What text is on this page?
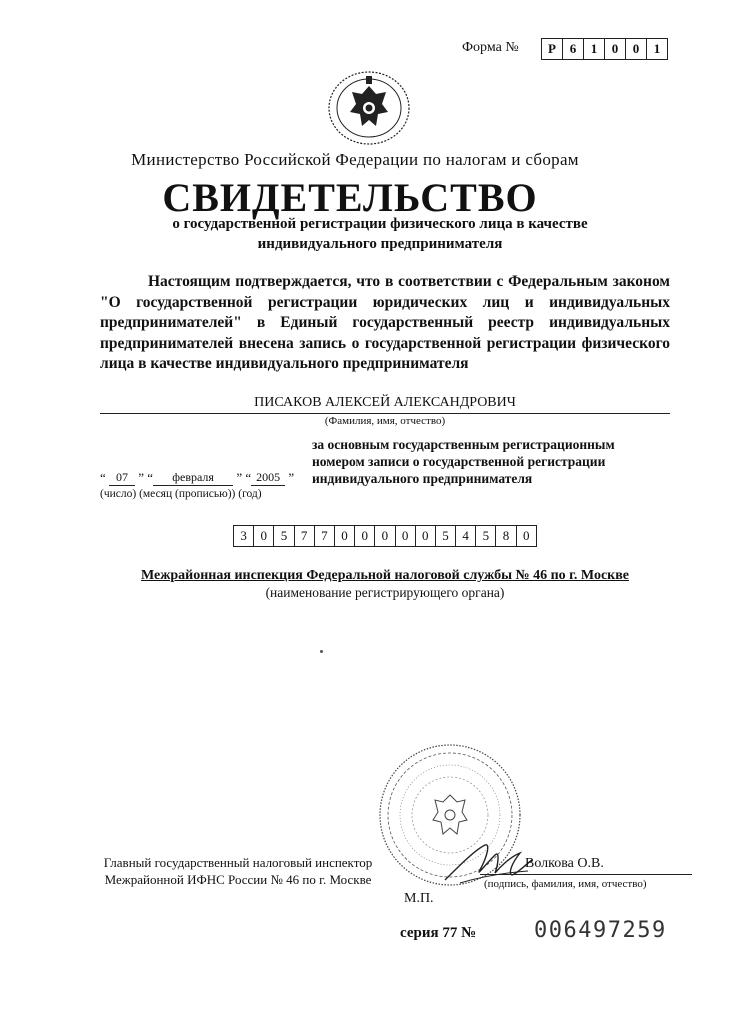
Форма №	Р	6	1	0	0	1
Министерство Российской Федерации по налогам и сборам
СВИДЕТЕЛЬСТВО
о государственной регистрации физического лица в качестве индивидуального предпринимателя
Настоящим подтверждается, что в соответствии с Федеральным законом "О государственной регистрации юридических лиц и индивидуальных предпринимателей" в Единый государственный реестр индивидуальных предпринимателей внесена запись о государственной регистрации физического лица в качестве индивидуального предпринимателя
ПИСАКОВ АЛЕКСЕЙ АЛЕКСАНДРОВИЧ
(Фамилия, имя, отчество)
за основным государственным регистрационным номером записи о государственной регистрации индивидуального предпринимателя
“ 07 ” “	февраля	” “ 2005 ”
(число) (месяц (прописью)) (год)
3	0	5	7	7	0	0	0	0	0	5	4	5	8	0
Межрайонная инспекция Федеральной налоговой службы № 46 по г. Москве
(наименование регистрирующего органа)
Главный государственный налоговый инспектор Межрайонной ИФНС России № 46 по г. Москве
Волкова О.В.
(подпись, фамилия, имя, отчество)
М.П.
серия 77 №	006497259
